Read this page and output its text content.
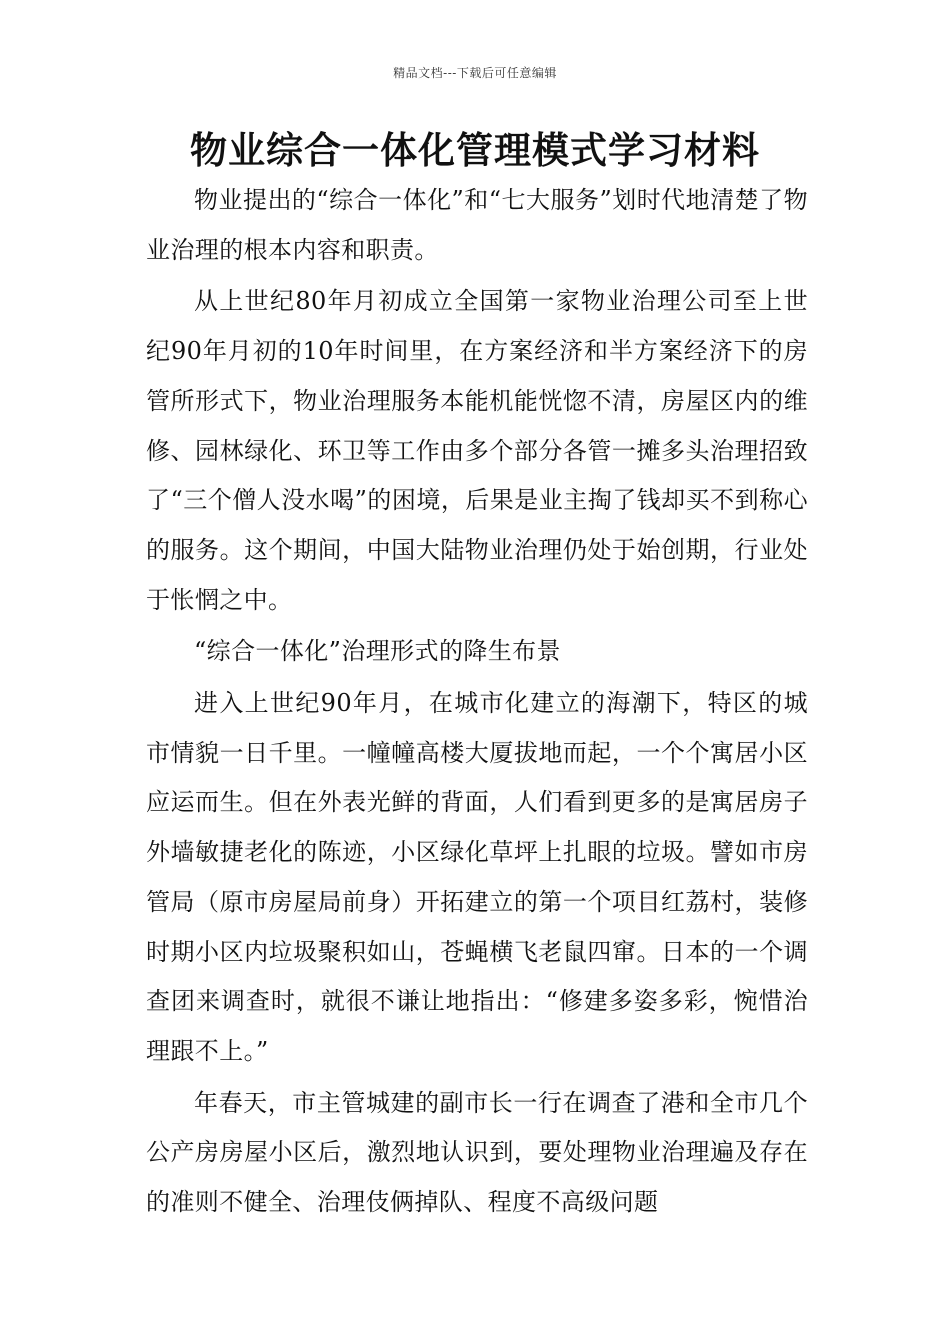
精品文档---下载后可任意编辑
物业综合一体化管理模式学习材料

物业提出的“综合一体化”和“七大服务”划时代地清楚了物业治理的根本内容和职责。

从上世纪80年月初成立全国第一家物业治理公司至上世纪90年月初的10年时间里，在方案经济和半方案经济下的房管所形式下，物业治理服务本能机能恍惚不清，房屋区内的维修、园林绿化、环卫等工作由多个部分各管一摊多头治理招致了“三个僧人没水喝”的困境，后果是业主掏了钱却买不到称心的服务。这个期间，中国大陆物业治理仍处于始创期，行业处于怅惘之中。

“综合一体化”治理形式的降生布景

进入上世纪90年月，在城市化建立的海潮下，特区的城市情貌一日千里。一幢幢高楼大厦拔地而起，一个个寓居小区应运而生。但在外表光鲜的背面，人们看到更多的是寓居房子外墙敏捷老化的陈迹，小区绿化草坪上扎眼的垃圾。譬如市房管局（原市房屋局前身）开拓建立的第一个项目红荔村，装修时期小区内垃圾聚积如山，苍蝇横飞老鼠四窜。日本的一个调查团来调查时，就很不谦让地指出：“修建多姿多彩，惋惜治理跟不上。”

年春天，市主管城建的副市长一行在调查了港和全市几个公产房房屋小区后，激烈地认识到，要处理物业治理遍及存在的准则不健全、治理伎俩掉队、程度不高级问题
